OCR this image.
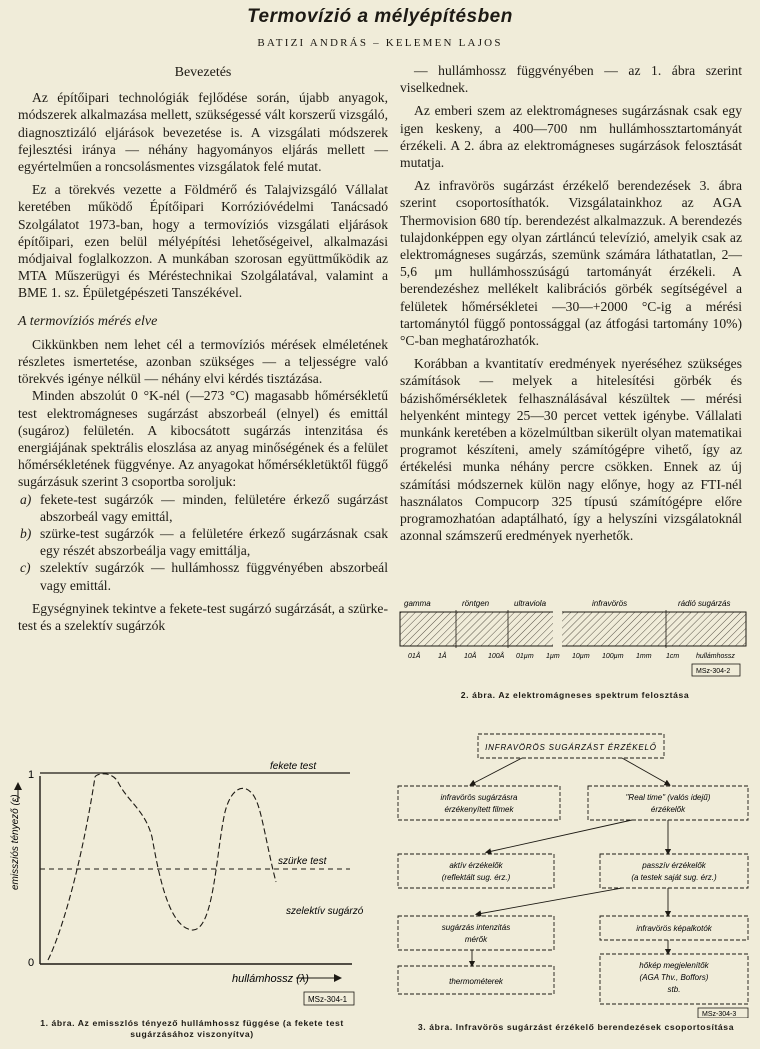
Termovízió a mélyépítésben
BATIZI ANDRÁS – KELEMEN LAJOS
Bevezetés

Az építőipari technológiák fejlődése során, újabb anyagok, módszerek alkalmazása mellett, szükségessé vált korszerű vizsgáló, diagnosztizáló eljárások bevezetése is. A vizsgálati módszerek fejlesztési iránya — néhány hagyományos eljárás mellett — egyértelműen a roncsolásmentes vizsgálatok felé mutat.

Ez a törekvés vezette a Földmérő és Talajvizsgáló Vállalat keretében működő Építőipari Korrózióvédelmi Tanácsadó Szolgálatot 1973-ban, hogy a termovíziós vizsgálati eljárások építőipari, ezen belül mélyépítési lehetőségeivel, alkalmazási módjaival foglalkozzon. A munkában szorosan együttműködik az MTA Műszerügyi és Méréstechnikai Szolgálatával, valamint a BME 1. sz. Épületgépészeti Tanszékével.

A termovíziós mérés elve

Cikkünkben nem lehet cél a termovíziós mérések elméletének részletes ismertetése, azonban szükséges — a teljességre való törekvés igénye nélkül — néhány elvi kérdés tisztázása.

Minden abszolút 0 °K-nél (—273 °C) magasabb hőmérsékletű test elektromágneses sugárzást abszorbeál (elnyel) és emittál (sugároz) felületén. A kibocsátott sugárzás intenzitása és energiájának spektrális eloszlása az anyag minőségének és a felület hőmérsékletének függvénye. Az anyagokat hőmérsékletüktől függő sugárzásuk szerint 3 csoportba soroljuk:

a) fekete-test sugárzók — minden, felületére érkező sugárzást abszorbeál vagy emittál,
b) szürke-test sugárzók — a felületére érkező sugárzásnak csak egy részét abszorbeálja vagy emittálja,
c) szelektív sugárzók — hullámhossz függvényében abszorbeál vagy emittál.

Egységnyinek tekintve a fekete-test sugárzó sugárzását, a szürke-test és a szelektív sugárzók

— hullámhossz függvényében — az 1. ábra szerint viselkednek.

Az emberi szem az elektromágneses sugárzásnak csak egy igen keskeny, a 400—700 nm hullámhossztartományát érzékeli. A 2. ábra az elektromágneses sugárzások felosztását mutatja.

Az infravörös sugárzást érzékelő berendezések 3. ábra szerint csoportosíthatók. Vizsgálatainkhoz az AGA Thermovision 680 típ. berendezést alkalmazzuk. A berendezés tulajdonképpen egy olyan zártláncú televízió, amelyik csak az elektromágneses sugárzás, szemünk számára láthatatlan, 2—5,6 μm hullámhosszúságú tartományát érzékeli. A berendezéshez mellékelt kalibrációs görbék segítségével a felületek hőmérsékletei —30—+2000 °C-ig a mérési tartománytól függő pontossággal (az átfogási tartomány 10%) °C-ban meghatározhatók.

Korábban a kvantitatív eredmények nyeréséhez szükséges számítások — melyek a hitelesítési görbék és bázishőmérsékletek felhasználásával készültek — mérési helyenként mintegy 25—30 percet vettek igénybe. Vállalati munkánk keretében a közelmúltban sikerült olyan matematikai programot készíteni, amely számítógépre vihető, így az értékelési munka néhány percre csökken. Ennek az új számítási módszernek külön nagy előnye, hogy az FTI-nél használatos Compucorp 325 típusú számítógépre előre programozhatóan adaptálható, így a helyszíni vizsgálatoknál azonnal számszerű eredmények nyerhetők.

emissziós tényező (ε)
1
0
fekete test
szürke test
szelektív sugárzó
hullámhossz (λ)
MSz-304-1
1. ábra. Az emisszlós tényező hullámhossz függése (a fekete test
sugárzásához viszonyítva)
gamma	röntgen	ultraviola	infravörös	rádió sugárzás
01Å	1Å 10Å 100Å 01µm 1µm 10µm 100µm 1mm 1cm hullámhossz
MSz-304-2
2. ábra. Az elektromágneses spektrum felosztása
INFRAVÖRÖS SUGÁRZÁST ÉRZÉKELŐ
infravörös sugárzásra
érzékenyített filmek
"Real time" (valós idejű)
érzékelők
aktív érzékelők
(reflektált sug. érz.)
passzív érzékelők
(a testek saját sug. érz.)
sugárzás intenzitás
mérők
infravörös képalkotók
thermométerek
hőkép megjelenítők
(AGA Thv., Boffors)
stb.
MSz-304-3
3. ábra. Infravörös sugárzást érzékelő berendezések csoportosítása
